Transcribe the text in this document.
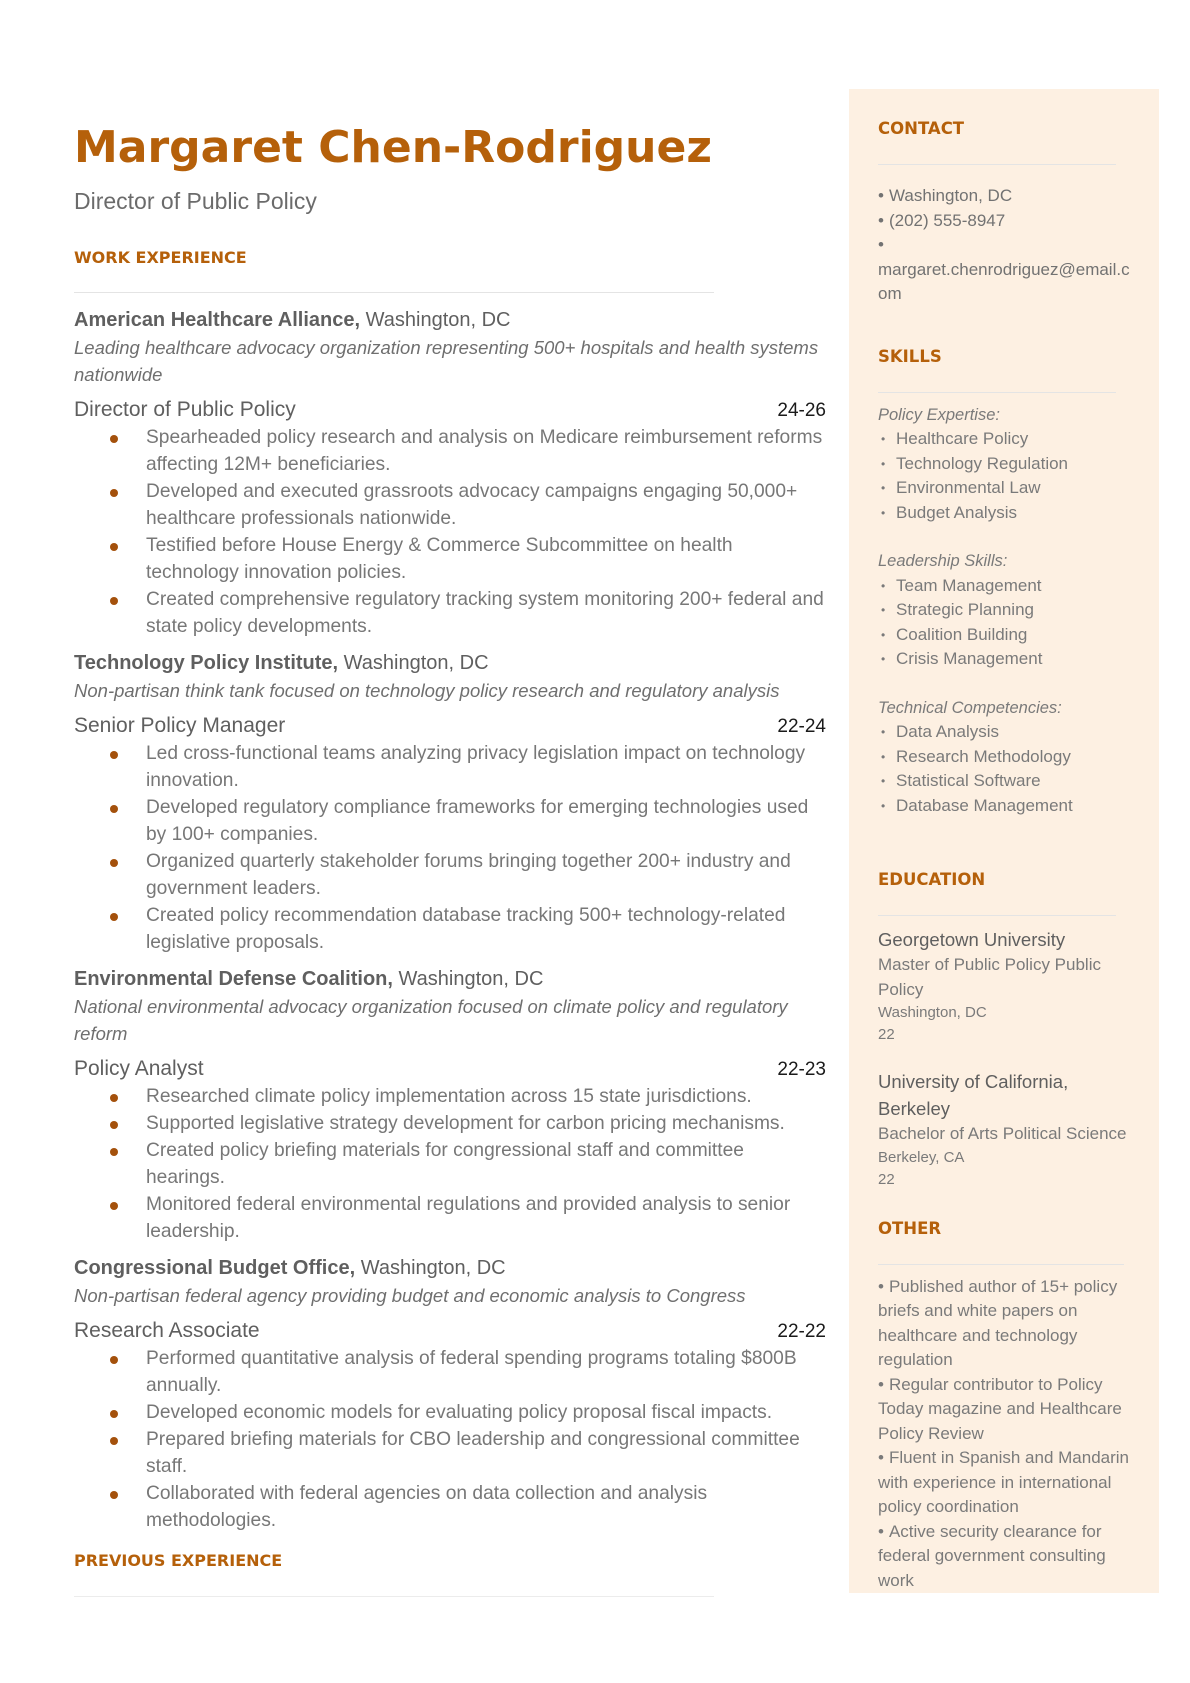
Margaret Chen-Rodriguez
Director of Public Policy
WORK EXPERIENCE
American Healthcare Alliance, Washington, DC
Leading healthcare advocacy organization representing 500+ hospitals and health systems nationwide
Director of Public Policy	24-26
Spearheaded policy research and analysis on Medicare reimbursement reforms affecting 12M+ beneficiaries.
Developed and executed grassroots advocacy campaigns engaging 50,000+ healthcare professionals nationwide.
Testified before House Energy & Commerce Subcommittee on health technology innovation policies.
Created comprehensive regulatory tracking system monitoring 200+ federal and state policy developments.
Technology Policy Institute, Washington, DC
Non-partisan think tank focused on technology policy research and regulatory analysis
Senior Policy Manager	22-24
Led cross-functional teams analyzing privacy legislation impact on technology innovation.
Developed regulatory compliance frameworks for emerging technologies used by 100+ companies.
Organized quarterly stakeholder forums bringing together 200+ industry and government leaders.
Created policy recommendation database tracking 500+ technology-related legislative proposals.
Environmental Defense Coalition, Washington, DC
National environmental advocacy organization focused on climate policy and regulatory reform
Policy Analyst	22-23
Researched climate policy implementation across 15 state jurisdictions.
Supported legislative strategy development for carbon pricing mechanisms.
Created policy briefing materials for congressional staff and committee hearings.
Monitored federal environmental regulations and provided analysis to senior leadership.
Congressional Budget Office, Washington, DC
Non-partisan federal agency providing budget and economic analysis to Congress
Research Associate	22-22
Performed quantitative analysis of federal spending programs totaling $800B annually.
Developed economic models for evaluating policy proposal fiscal impacts.
Prepared briefing materials for CBO leadership and congressional committee staff.
Collaborated with federal agencies on data collection and analysis methodologies.
PREVIOUS EXPERIENCE
CONTACT
• Washington, DC
• (202) 555-8947
•
margaret.chenrodriguez@email.com
SKILLS
Policy Expertise:
• Healthcare Policy
• Technology Regulation
• Environmental Law
• Budget Analysis
Leadership Skills:
• Team Management
• Strategic Planning
• Coalition Building
• Crisis Management
Technical Competencies:
• Data Analysis
• Research Methodology
• Statistical Software
• Database Management
EDUCATION
Georgetown University
Master of Public Policy Public Policy
Washington, DC
22
University of California, Berkeley
Bachelor of Arts Political Science
Berkeley, CA
22
OTHER
• Published author of 15+ policy briefs and white papers on healthcare and technology regulation
• Regular contributor to Policy Today magazine and Healthcare Policy Review
• Fluent in Spanish and Mandarin with experience in international policy coordination
• Active security clearance for federal government consulting work
